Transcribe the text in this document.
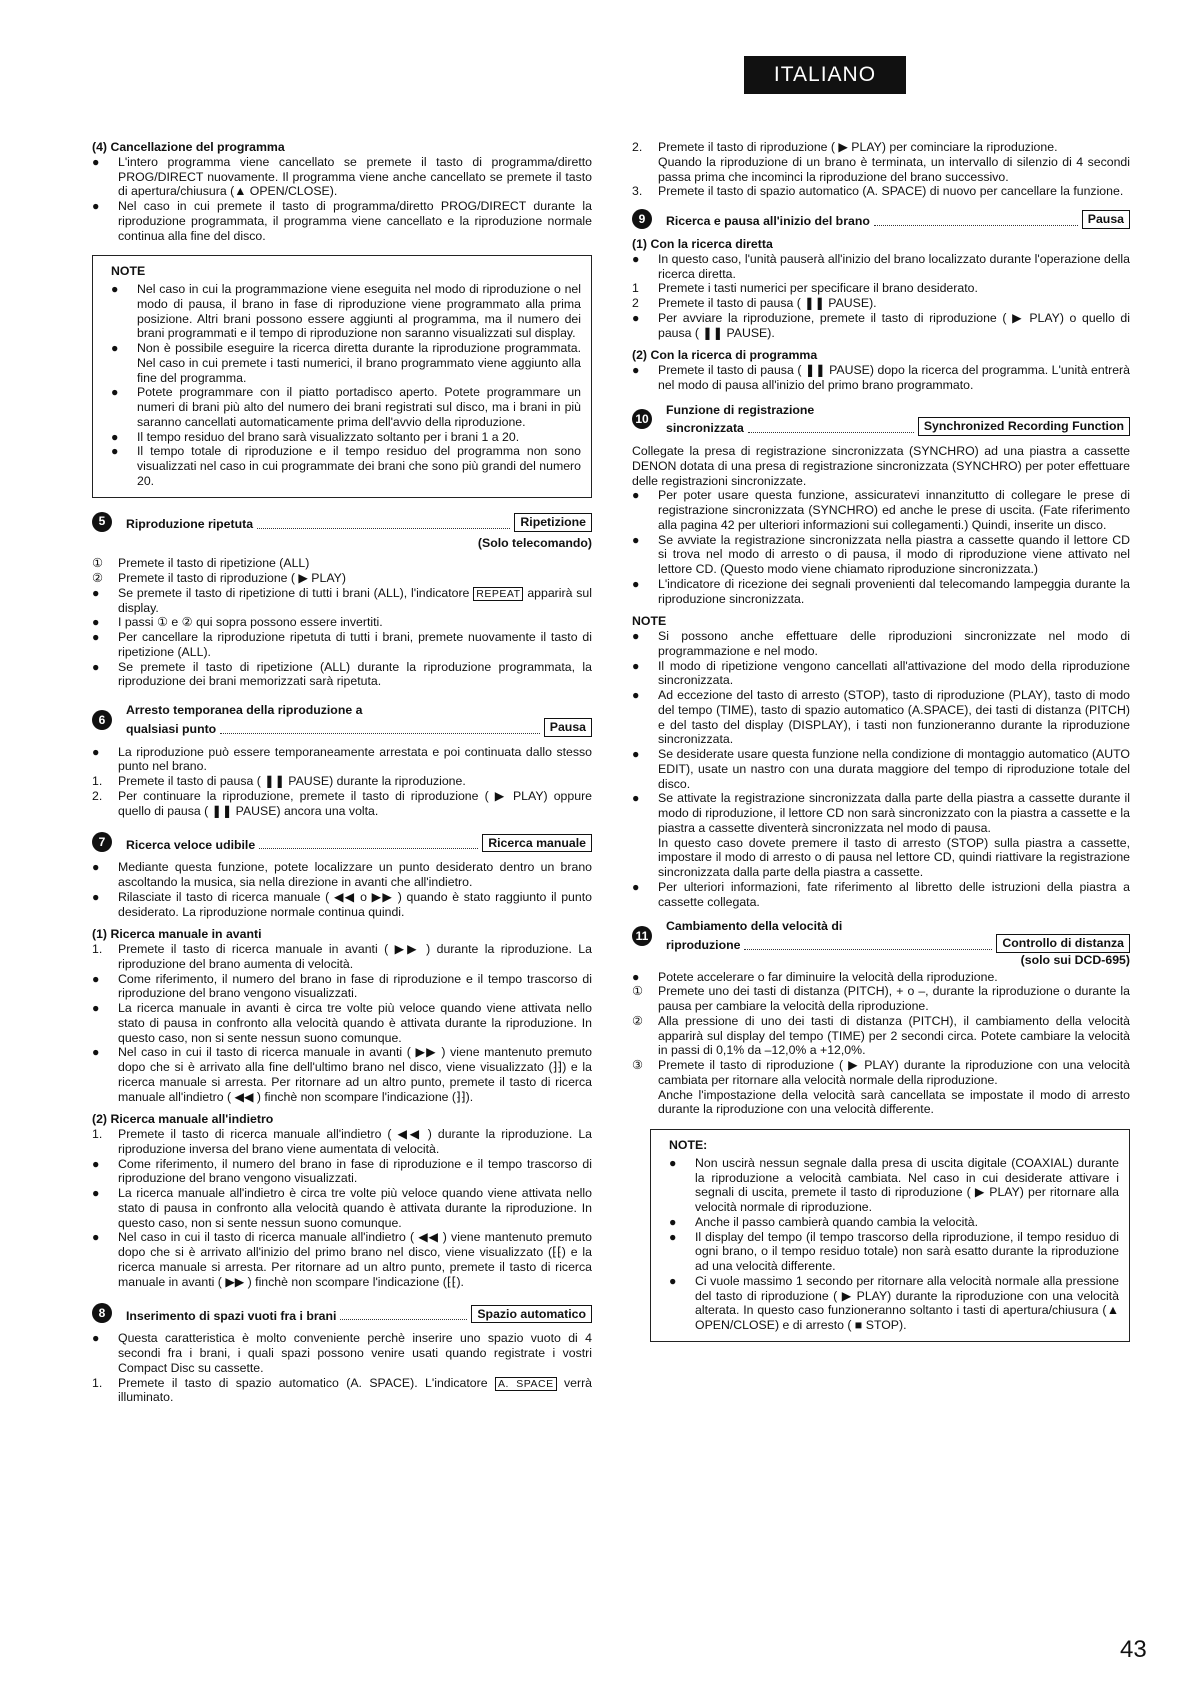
ITALIANO
(4) Cancellazione del programma

●	L'intero programma viene cancellato se premete il tasto di programma/diretto PROG/DIRECT nuovamente. Il programma viene anche cancellato se premete il tasto di apertura/chiusura (▲ OPEN/CLOSE).

●	Nel caso in cui premete il tasto di programma/diretto PROG/DIRECT durante la riproduzione programmata, il programma viene cancellato e la riproduzione normale continua alla fine del disco.

NOTE

●	Nel caso in cui la programmazione viene eseguita nel modo di riproduzione o nel modo di pausa, il brano in fase di riproduzione viene programmato alla prima posizione. Altri brani possono essere aggiunti al programma, ma il numero dei brani programmati e il tempo di riproduzione non saranno visualizzati sul display.

●	Non è possibile eseguire la ricerca diretta durante la riproduzione programmata. Nel caso in cui premete i tasti numerici, il brano programmato viene aggiunto alla fine del programma.

●	Potete programmare con il piatto portadisco aperto. Potete programmare un numeri di brani più alto del numero dei brani registrati sul disco, ma i brani in più saranno cancellati automaticamente prima dell'avvio della riproduzione.

●	Il tempo residuo del brano sarà visualizzato soltanto per i brani 1 a 20.

●	Il tempo totale di riproduzione e il tempo residuo del programma non sono visualizzati nel caso in cui programmate dei brani che sono più grandi del numero 20.

5	Riproduzione ripetuta	Ripetizione
(Solo telecomando)

①	Premete il tasto di ripetizione (ALL)

②	Premete il tasto di riproduzione ( ▶ PLAY)

●	Se premete il tasto di ripetizione di tutti i brani (ALL), l'indicatore REPEAT apparirà sul display.

●	I passi ① e ② qui sopra possono essere invertiti.

●	Per cancellare la riproduzione ripetuta di tutti i brani, premete nuovamente il tasto di ripetizione (ALL).

●	Se premete il tasto di ripetizione (ALL) durante la riproduzione programmata, la riproduzione dei brani memorizzati sarà ripetuta.

6
Arresto temporanea della riproduzione a
qualsiasi punto	Pausa

●	La riproduzione può essere temporaneamente arrestata e poi continuata dallo stesso punto nel brano.

1.	Premete il tasto di pausa ( ❚❚ PAUSE) durante la riproduzione.

2.	Per continuare la riproduzione, premete il tasto di riproduzione ( ▶ PLAY) oppure quello di pausa ( ❚❚ PAUSE) ancora una volta.

7	Ricerca veloce udibile	Ricerca manuale

●	Mediante questa funzione, potete localizzare un punto desiderato dentro un brano ascoltando la musica, sia nella direzione in avanti che all'indietro.

●	Rilasciate il tasto di ricerca manuale ( ◀◀ o ▶▶ ) quando è stato raggiunto il punto desiderato. La riproduzione normale continua quindi.

(1) Ricerca manuale in avanti

1.	Premete il tasto di ricerca manuale in avanti ( ▶▶ ) durante la riproduzione. La riproduzione del brano aumenta di velocità.

●	Come riferimento, il numero del brano in fase di riproduzione e il tempo trascorso di riproduzione del brano vengono visualizzati.

●	La ricerca manuale in avanti è circa tre volte più veloce quando viene attivata nello stato di pausa in confronto alla velocità quando è attivata durante la riproduzione. In questo caso, non si sente nessun suono comunque.

●	Nel caso in cui il tasto di ricerca manuale in avanti ( ▶▶ ) viene mantenuto premuto dopo che si è arrivato alla fine dell'ultimo brano nel disco, viene visualizzato (⁆⁆) e la ricerca manuale si arresta. Per ritornare ad un altro punto, premete il tasto di ricerca manuale all'indietro ( ◀◀ ) finchè non scompare l'indicazione (⁆⁆).

(2) Ricerca manuale all'indietro

1.	Premete il tasto di ricerca manuale all'indietro ( ◀◀ ) durante la riproduzione. La riproduzione inversa del brano viene aumentata di velocità.

●	Come riferimento, il numero del brano in fase di riproduzione e il tempo trascorso di riproduzione del brano vengono visualizzati.

●	La ricerca manuale all'indietro è circa tre volte più veloce quando viene attivata nello stato di pausa in confronto alla velocità quando è attivata durante la riproduzione. In questo caso, non si sente nessun suono comunque.

●	Nel caso in cui il tasto di ricerca manuale all'indietro ( ◀◀ ) viene mantenuto premuto dopo che si è arrivato all'inizio del primo brano nel disco, viene visualizzato (⁅⁅) e la ricerca manuale si arresta. Per ritornare ad un altro punto, premete il tasto di ricerca manuale in avanti ( ▶▶ ) finchè non scompare l'indicazione (⁅⁅).

8	Inserimento di spazi vuoti fra i brani	Spazio automatico

●	Questa caratteristica è molto conveniente perchè inserire uno spazio vuoto di 4 secondi fra i brani, i quali spazi possono venire usati quando registrate i vostri Compact Disc su cassette.

1.	Premete il tasto di spazio automatico (A. SPACE). L'indicatore A. SPACE verrà illuminato.

2.	Premete il tasto di riproduzione ( ▶ PLAY) per cominciare la riproduzione.

Quando la riproduzione di un brano è terminata, un intervallo di silenzio di 4 secondi passa prima che incominci la riproduzione del brano successivo.

3.	Premete il tasto di spazio automatico (A. SPACE) di nuovo per cancellare la funzione.

9	Ricerca e pausa all'inizio del brano	Pausa
(1) Con la ricerca diretta

●	In questo caso, l'unità pauserà all'inizio del brano localizzato durante l'operazione della ricerca diretta.

1	Premete i tasti numerici per specificare il brano desiderato.

2	Premete il tasto di pausa ( ❚❚ PAUSE).

●	Per avviare la riproduzione, premete il tasto di riproduzione ( ▶ PLAY) o quello di pausa ( ❚❚ PAUSE).

(2) Con la ricerca di programma

●	Premete il tasto di pausa ( ❚❚ PAUSE) dopo la ricerca del programma. L'unità entrerà nel modo di pausa all'inizio del primo brano programmato.

10
Funzione di registrazione
sincronizzata	Synchronized Recording Function

Collegate la presa di registrazione sincronizzata (SYNCHRO) ad una piastra a cassette DENON dotata di una presa di registrazione sincronizzata (SYNCHRO) per poter effettuare delle registrazioni sincronizzate.

●	Per poter usare questa funzione, assicuratevi innanzitutto di collegare le prese di registrazione sincronizzata (SYNCHRO) ed anche le prese di uscita. (Fate riferimento alla pagina 42 per ulteriori informazioni sui collegamenti.) Quindi, inserite un disco.

●	Se avviate la registrazione sincronizzata nella piastra a cassette quando il lettore CD si trova nel modo di arresto o di pausa, il modo di riproduzione viene attivato nel lettore CD. (Questo modo viene chiamato riproduzione sincronizzata.)

●	L'indicatore di ricezione dei segnali provenienti dal telecomando lampeggia durante la riproduzione sincronizzata.

NOTE

●	Si possono anche effettuare delle riproduzioni sincronizzate nel modo di programmazione e nel modo.

●	Il modo di ripetizione vengono cancellati all'attivazione del modo della riproduzione sincronizzata.

●	Ad eccezione del tasto di arresto (STOP), tasto di riproduzione (PLAY), tasto di modo del tempo (TIME), tasto di spazio automatico (A.SPACE), dei tasti di distanza (PITCH) e del tasto del display (DISPLAY), i tasti non funzioneranno durante la riproduzione sincronizzata.

●	Se desiderate usare questa funzione nella condizione di montaggio automatico (AUTO EDIT), usate un nastro con una durata maggiore del tempo di riproduzione totale del disco.

●	Se attivate la registrazione sincronizzata dalla parte della piastra a cassette durante il modo di riproduzione, il lettore CD non sarà sincronizzato con la piastra a cassette e la piastra a cassette diventerà sincronizzata nel modo di pausa.

In questo caso dovete premere il tasto di arresto (STOP) sulla piastra a cassette, impostare il modo di arresto o di pausa nel lettore CD, quindi riattivare la registrazione sincronizzata dalla parte della piastra a cassette.

●	Per ulteriori informazioni, fate riferimento al libretto delle istruzioni della piastra a cassette collegata.

11
Cambiamento della velocità di
riproduzione	Controllo di distanza
(solo sui DCD-695)

●	Potete accelerare o far diminuire la velocità della riproduzione.

①	Premete uno dei tasti di distanza (PITCH), + o –, durante la riproduzione o durante la pausa per cambiare la velocità della riproduzione.

②	Alla pressione di uno dei tasti di distanza (PITCH), il cambiamento della velocità apparirà sul display del tempo (TIME) per 2 secondi circa. Potete cambiare la velocità in passi di 0,1% da –12,0% a +12,0%.

③	Premete il tasto di riproduzione ( ▶ PLAY) durante la riproduzione con una velocità cambiata per ritornare alla velocità normale della riproduzione.

Anche l'impostazione della velocità sarà cancellata se impostate il modo di arresto durante la riproduzione con una velocità differente.

NOTE:

●	Non uscirà nessun segnale dalla presa di uscita digitale (COAXIAL) durante la riproduzione a velocità cambiata. Nel caso in cui desiderate attivare i segnali di uscita, premete il tasto di riproduzione ( ▶ PLAY) per ritornare alla velocità normale di riproduzione.

●	Anche il passo cambierà quando cambia la velocità.

●	Il display del tempo (il tempo trascorso della riproduzione, il tempo residuo di ogni brano, o il tempo residuo totale) non sarà esatto durante la riproduzione ad una velocità differente.

●	Ci vuole massimo 1 secondo per ritornare alla velocità normale alla pressione del tasto di riproduzione ( ▶ PLAY) durante la riproduzione con una velocità alterata. In questo caso funzioneranno soltanto i tasti di apertura/chiusura (▲ OPEN/CLOSE) e di arresto ( ■ STOP).

43
